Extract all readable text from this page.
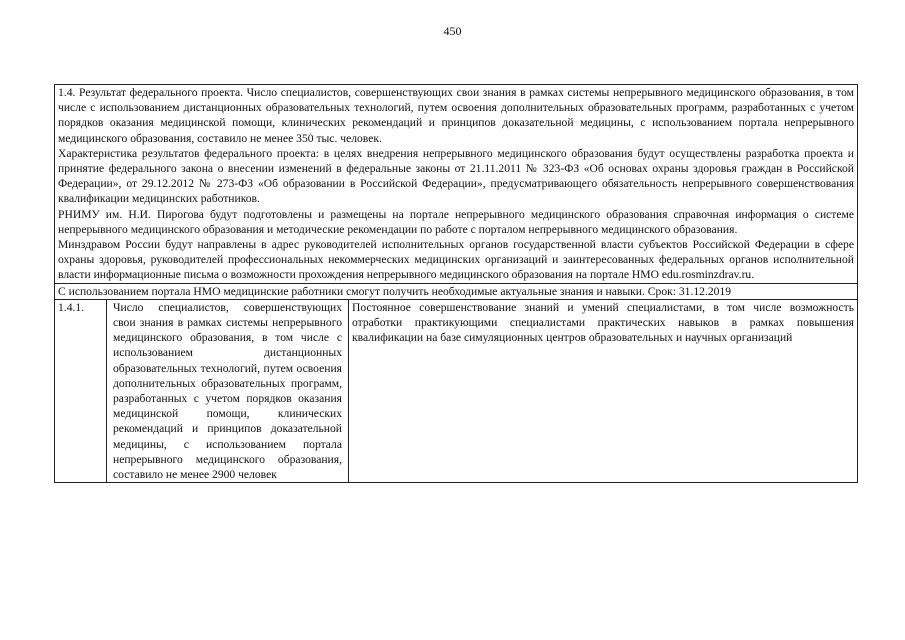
450

1.4. Результат федерального проекта. Число специалистов, совершенствующих свои знания в рамках системы непрерывного медицинского образования, в том числе с использованием дистанционных образовательных технологий, путем освоения дополнительных образовательных программ, разработанных с учетом порядков оказания медицинской помощи, клинических рекомендаций и принципов доказательной медицины, с использованием портала непрерывного медицинского образования, составило не менее 350 тыс. человек.

Характеристика результатов федерального проекта: в целях внедрения непрерывного медицинского образования будут осуществлены разработка проекта и принятие федерального закона о внесении изменений в федеральные законы от 21.11.2011 № 323-ФЗ «Об основах охраны здоровья граждан в Российской Федерации», от 29.12.2012 № 273-ФЗ «Об образовании в Российской Федерации», предусматривающего обязательность непрерывного совершенствования квалификации медицинских работников.

РНИМУ им. Н.И. Пирогова будут подготовлены и размещены на портале непрерывного медицинского образования справочная информация о системе непрерывного медицинского образования и методические рекомендации по работе с порталом непрерывного медицинского образования.

Минздравом России будут направлены в адрес руководителей исполнительных органов государственной власти субъектов Российской Федерации в сфере охраны здоровья, руководителей профессиональных некоммерческих медицинских организаций и заинтересованных федеральных органов исполнительной власти информационные письма о возможности прохождения непрерывного медицинского образования на портале НМО edu.rosminzdrav.ru.

С использованием портала НМО медицинские работники смогут получить необходимые актуальные знания и навыки. Срок: 31.12.2019
1.4.1.	Число специалистов, совершенствующих свои знания в рамках системы непрерывного медицинского образования, в том числе с использованием дистанционных образовательных технологий, путем освоения дополнительных образовательных программ, разработанных с учетом порядков оказания медицинской помощи, клинических рекомендаций и принципов доказательной медицины, с использованием портала непрерывного медицинского образования, составило не менее 2900 человек	Постоянное совершенствование знаний и умений специалистами, в том числе возможность отработки практикующими специалистами практических навыков в рамках повышения квалификации на базе симуляционных центров образовательных и научных организаций
